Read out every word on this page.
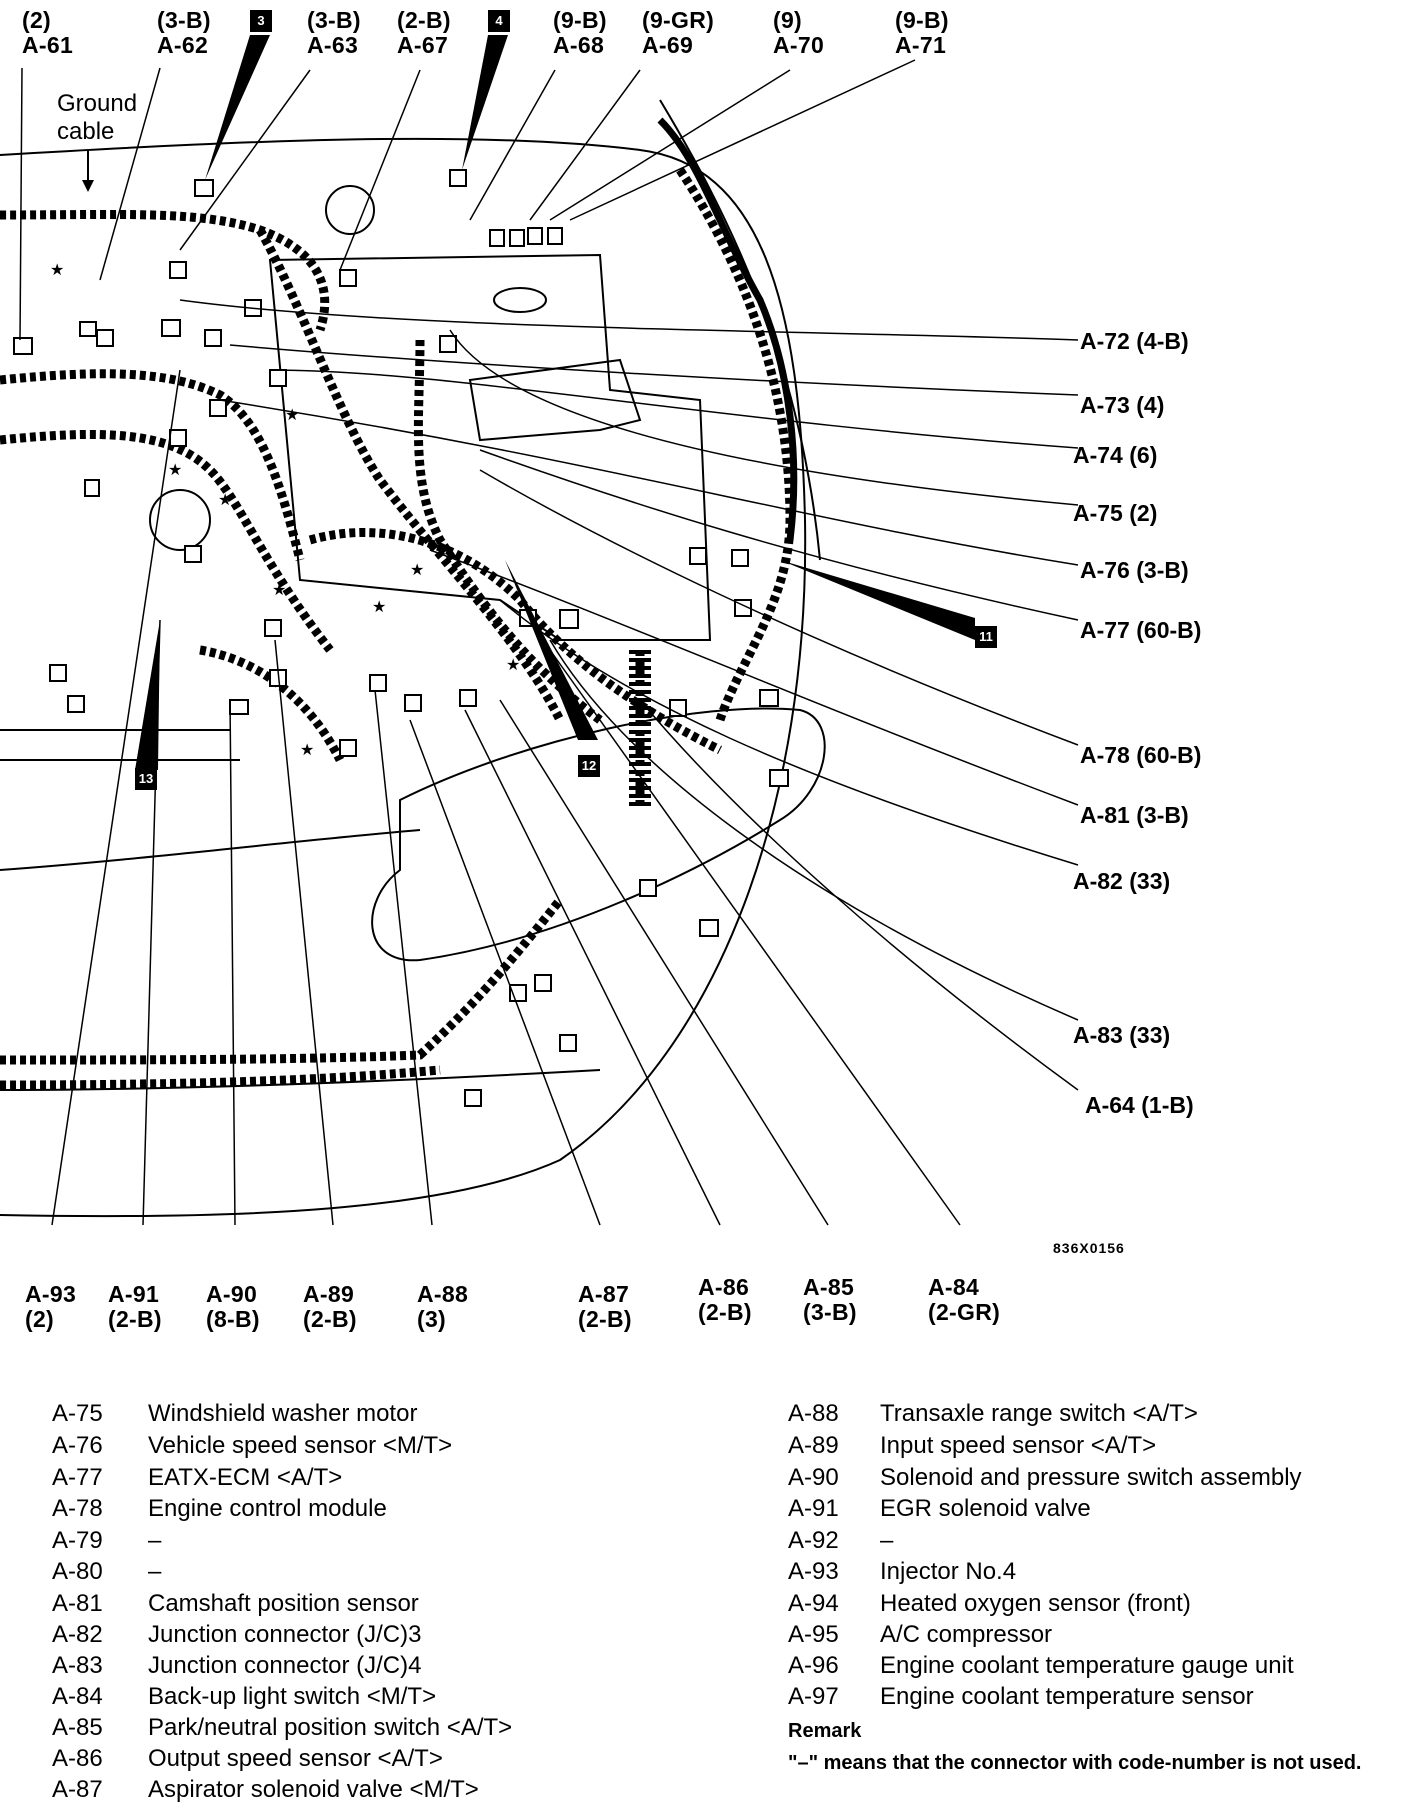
★
★
★
★
★
★
★
★
★
(2)
A-61
(3-B)
A-62
(3-B)
A-63
(2-B)
A-67
(9-B)
A-68
(9-GR)
A-69
(9)
A-70
(9-B)
A-71
Ground
cable
3	4
11
12
13
A-72 (4-B)
A-73 (4)
A-74 (6)
A-75 (2)
A-76 (3-B)
A-77 (60-B)
A-78 (60-B)
A-81 (3-B)
A-82 (33)
A-83 (33)
A-64 (1-B)
836X0156
A-93
(2)
A-91
(2-B)
A-90
(8-B)
A-89
(2-B)
A-88
(3)
A-87
(2-B)
A-86
(2-B)
A-85
(3-B)
A-84
(2-GR)
A-75 Windshield washer motor
A-76 Vehicle speed sensor <M/T>
A-77 EATX-ECM <A/T>
A-78 Engine control module
A-79 –
A-80 –
A-81 Camshaft position sensor
A-82 Junction connector (J/C)3
A-83 Junction connector (J/C)4
A-84 Back-up light switch <M/T>
A-85 Park/neutral position switch <A/T>
A-86 Output speed sensor <A/T>
A-87 Aspirator solenoid valve <M/T>
A-88 Transaxle range switch <A/T>
A-89 Input speed sensor <A/T>
A-90 Solenoid and pressure switch assembly
A-91 EGR solenoid valve
A-92 –
A-93 Injector No.4
A-94 Heated oxygen sensor (front)
A-95 A/C compressor
A-96 Engine coolant temperature gauge unit
A-97 Engine coolant temperature sensor
Remark
"–" means that the connector with code-number is not used.
